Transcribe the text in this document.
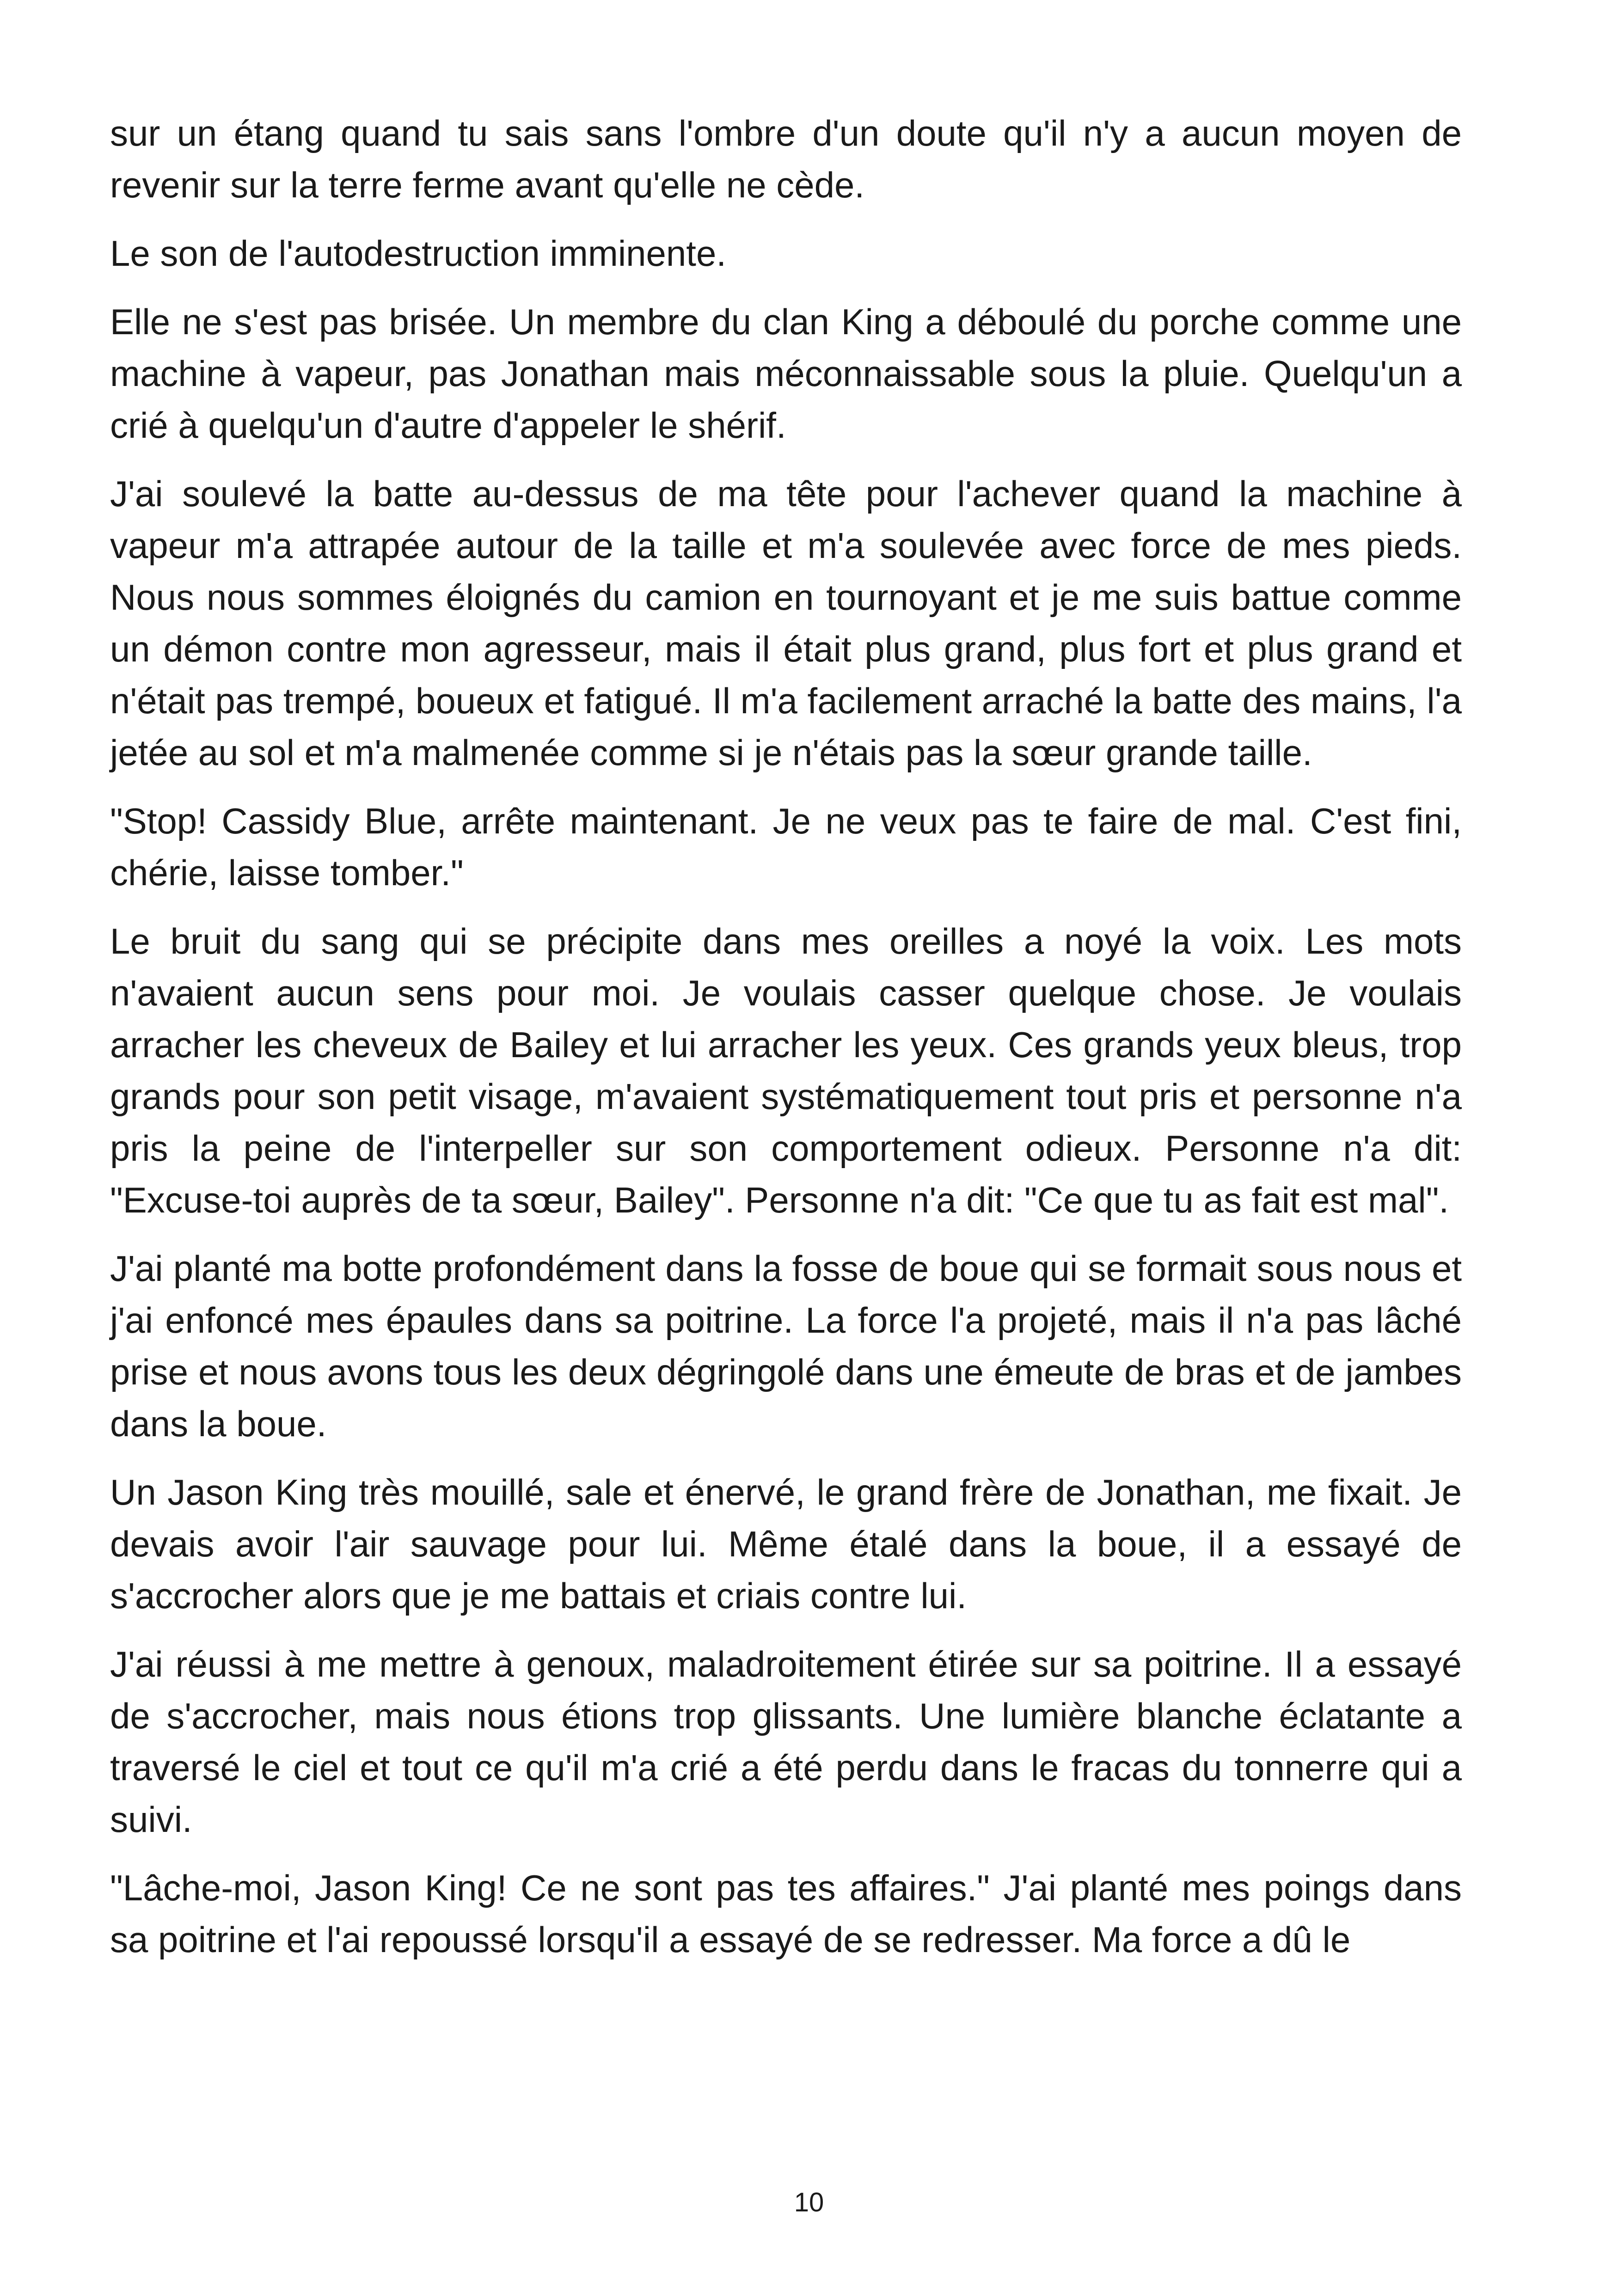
sur un étang quand tu sais sans l'ombre d'un doute qu'il n'y a aucun moyen de revenir sur la terre ferme avant qu'elle ne cède.

Le son de l'autodestruction imminente.

Elle ne s'est pas brisée. Un membre du clan King a déboulé du porche comme une machine à vapeur, pas Jonathan mais méconnaissable sous la pluie. Quelqu'un a crié à quelqu'un d'autre d'appeler le shérif.

J'ai soulevé la batte au-dessus de ma tête pour l'achever quand la machine à vapeur m'a attrapée autour de la taille et m'a soulevée avec force de mes pieds. Nous nous sommes éloignés du camion en tournoyant et je me suis battue comme un démon contre mon agresseur, mais il était plus grand, plus fort et plus grand et n'était pas trempé, boueux et fatigué. Il m'a facilement arraché la batte des mains, l'a jetée au sol et m'a malmenée comme si je n'étais pas la sœur grande taille.

"Stop! Cassidy Blue, arrête maintenant. Je ne veux pas te faire de mal. C'est fini, chérie, laisse tomber."

Le bruit du sang qui se précipite dans mes oreilles a noyé la voix. Les mots n'avaient aucun sens pour moi. Je voulais casser quelque chose. Je voulais arracher les cheveux de Bailey et lui arracher les yeux. Ces grands yeux bleus, trop grands pour son petit visage, m'avaient systématiquement tout pris et personne n'a pris la peine de l'interpeller sur son comportement odieux. Personne n'a dit: "Excuse-toi auprès de ta sœur, Bailey". Personne n'a dit: "Ce que tu as fait est mal".

J'ai planté ma botte profondément dans la fosse de boue qui se formait sous nous et j'ai enfoncé mes épaules dans sa poitrine. La force l'a projeté, mais il n'a pas lâché prise et nous avons tous les deux dégringolé dans une émeute de bras et de jambes dans la boue.

Un Jason King très mouillé, sale et énervé, le grand frère de Jonathan, me fixait. Je devais avoir l'air sauvage pour lui. Même étalé dans la boue, il a essayé de s'accrocher alors que je me battais et criais contre lui.

J'ai réussi à me mettre à genoux, maladroitement étirée sur sa poitrine. Il a essayé de s'accrocher, mais nous étions trop glissants. Une lumière blanche éclatante a traversé le ciel et tout ce qu'il m'a crié a été perdu dans le fracas du tonnerre qui a suivi.

"Lâche-moi, Jason King! Ce ne sont pas tes affaires." J'ai planté mes poings dans sa poitrine et l'ai repoussé lorsqu'il a essayé de se redresser. Ma force a dû le

10
